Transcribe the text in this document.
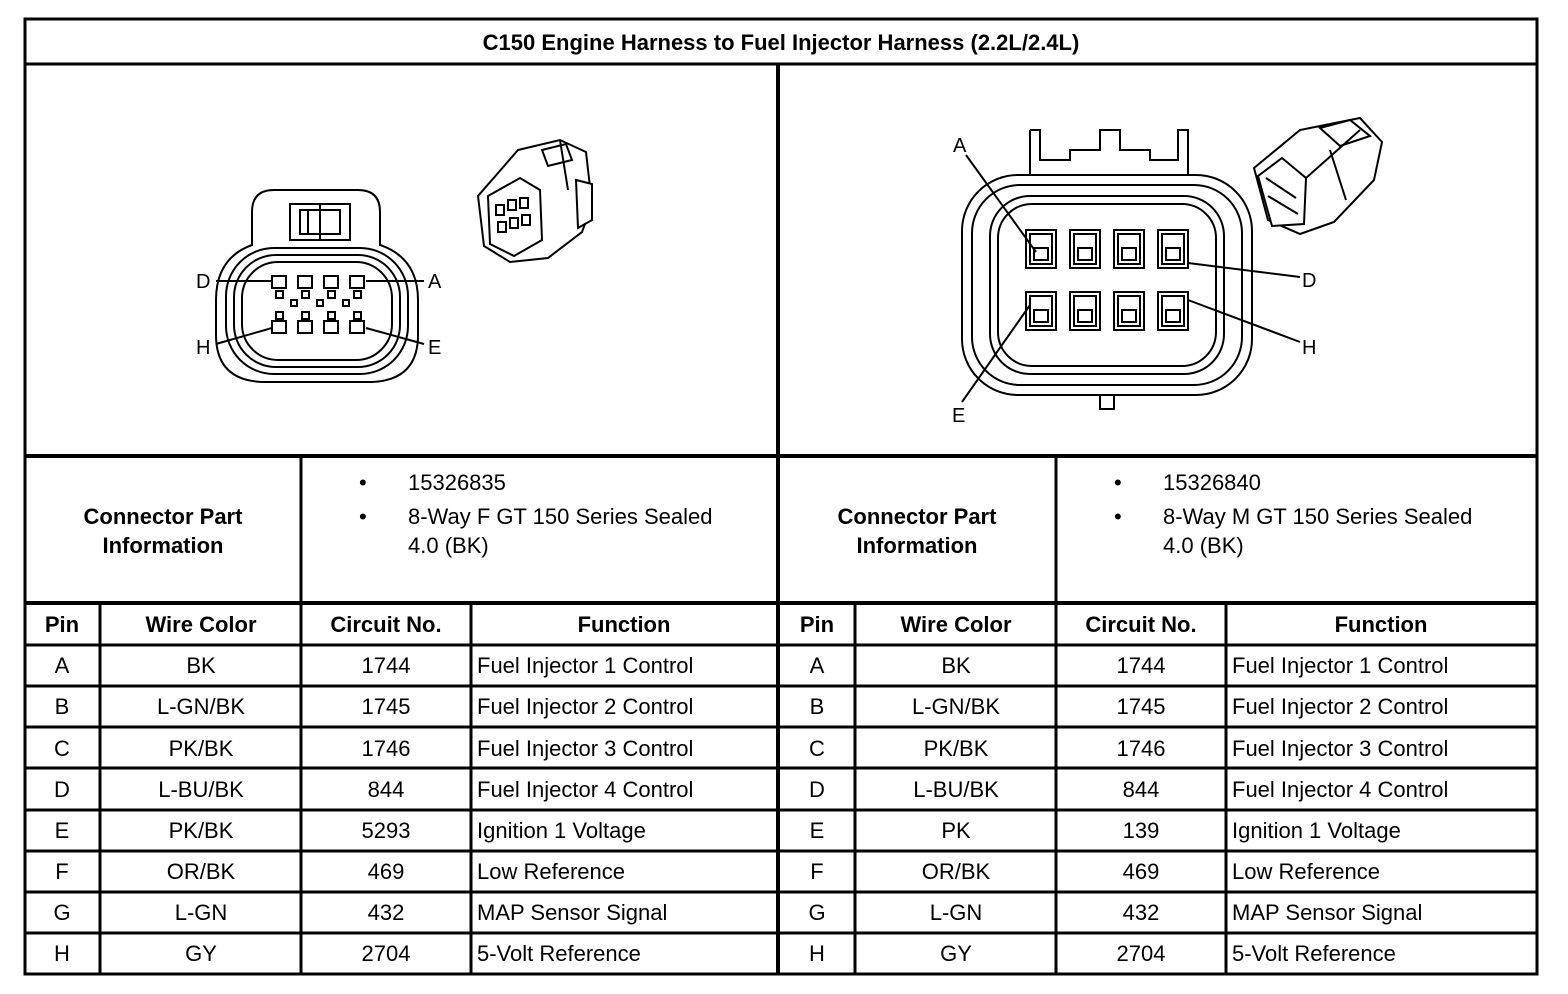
C150 Engine Harness to Fuel Injector Harness (2.2L/2.4L)
D	A
H	E
A
D
H
E
Connector Part
Information
• 15326835
• 8-Way F GT 150 Series Sealed
4.0 (BK)
Connector Part
Information
• 15326840
• 8-Way M GT 150 Series Sealed
4.0 (BK)
Pin	Wire Color	Circuit No.	Function
A	BK	1744	Fuel Injector 1 Control
B	L-GN/BK	1745	Fuel Injector 2 Control
C	PK/BK	1746	Fuel Injector 3 Control
D	L-BU/BK	844	Fuel Injector 4 Control
E	PK/BK	5293	Ignition 1 Voltage
F	OR/BK	469	Low Reference
G	L-GN	432	MAP Sensor Signal
H	GY	2704	5-Volt Reference
Pin	Wire Color	Circuit No.	Function
A	BK	1744	Fuel Injector 1 Control
B	L-GN/BK	1745	Fuel Injector 2 Control
C	PK/BK	1746	Fuel Injector 3 Control
D	L-BU/BK	844	Fuel Injector 4 Control
E	PK	139	Ignition 1 Voltage
F	OR/BK	469	Low Reference
G	L-GN	432	MAP Sensor Signal
H	GY	2704	5-Volt Reference
